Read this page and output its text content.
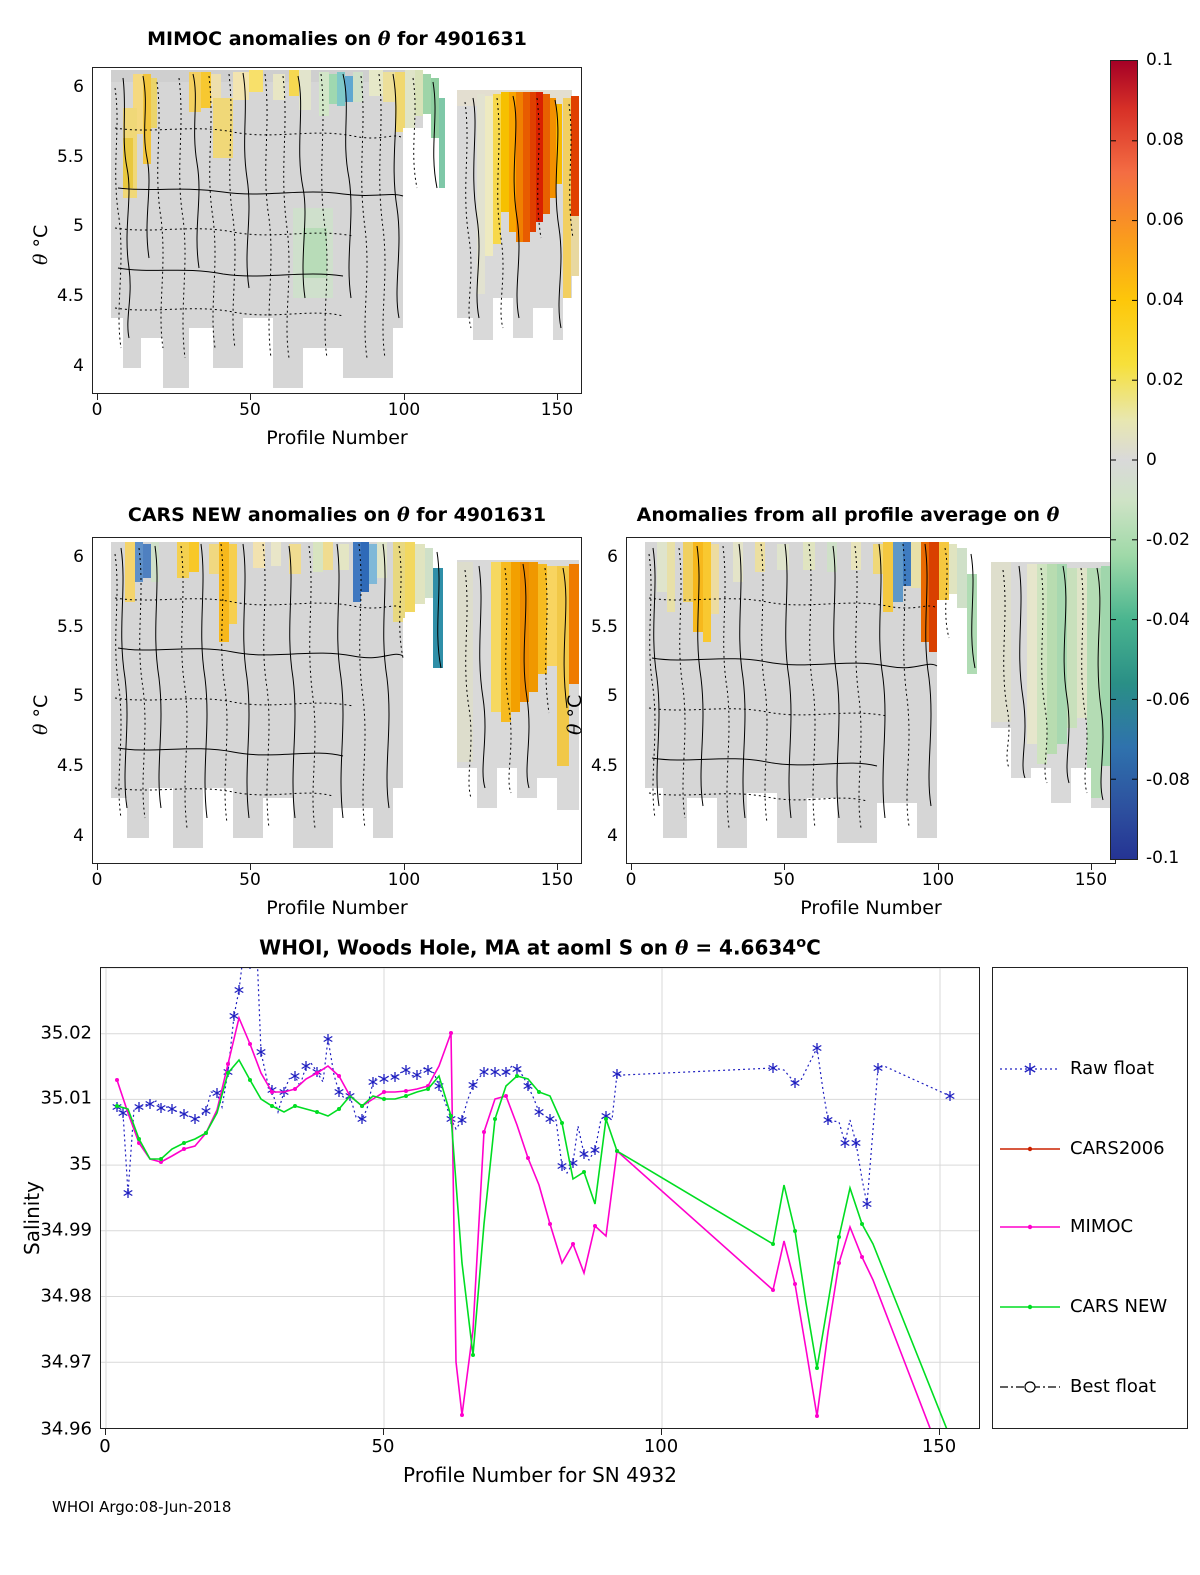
MIMOC anomalies on θ for 4901631
0	50	100	150
4
4.5
5
5.5
6
Profile Number
θ °C
CARS NEW anomalies on θ for 4901631
0	50	100	150
4
4.5
5
5.5
6
Profile Number
θ °C
Anomalies from all profile average on θ
0	50	100	150
4
4.5
5
5.5
6
Profile Number
θ °C
0.1
0.08
0.06
0.04
0.02
0
-0.02
-0.04
-0.06
-0.08
-0.1
WHOI, Woods Hole, MA at aoml S on $\theta = 4.6634^oC$
0	50	100	150
34.96
34.97
34.98
34.99
35
35.01
35.02
Profile Number for SN 4932
Salinity
Raw float
CARS2006
MIMOC
CARS NEW
Best float
WHOI Argo:08-Jun-2018
